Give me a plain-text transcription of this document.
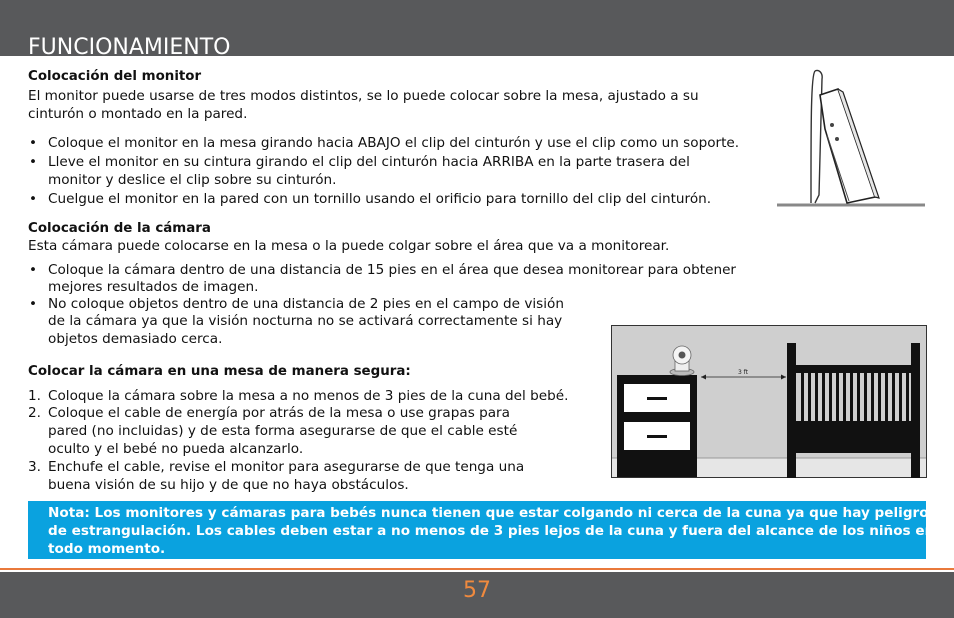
FUNCIONAMIENTO
Colocación del monitor
El monitor puede usarse de tres modos distintos, se lo puede colocar sobre la mesa, ajustado a su
cinturón o montado en la pared.
• Coloque el monitor en la mesa girando hacia ABAJO el clip del cinturón y use el clip como un soporte.
• Lleve el monitor en su cintura girando el clip del cinturón hacia ARRIBA en la parte trasera del
monitor y deslice el clip sobre su cinturón.
• Cuelgue el monitor en la pared con un tornillo usando el orificio para tornillo del clip del cinturón.
Colocación de la cámara
Esta cámara puede colocarse en la mesa o la puede colgar sobre el área que va a monitorear.
• Coloque la cámara dentro de una distancia de 15 pies en el área que desea monitorear para obtener
mejores resultados de imagen.
• No coloque objetos dentro de una distancia de 2 pies en el campo de visión
de la cámara ya que la visión nocturna no se activará correctamente si hay
objetos demasiado cerca.
Colocar la cámara en una mesa de manera segura:
1. Coloque la cámara sobre la mesa a no menos de 3 pies de la cuna del bebé.
2. Coloque el cable de energía por atrás de la mesa o use grapas para
pared (no incluidas) y de esta forma asegurarse de que el cable esté
oculto y el bebé no pueda alcanzarlo.
3. Enchufe el cable, revise el monitor para asegurarse de que tenga una
buena visión de su hijo y de que no haya obstáculos.
3 ft
Nota: Los monitores y cámaras para bebés nunca tienen que estar colgando ni cerca de la cuna ya que hay peligro
de estrangulación. Los cables deben estar a no menos de 3 pies lejos de la cuna y fuera del alcance de los niños en
todo momento.
57
